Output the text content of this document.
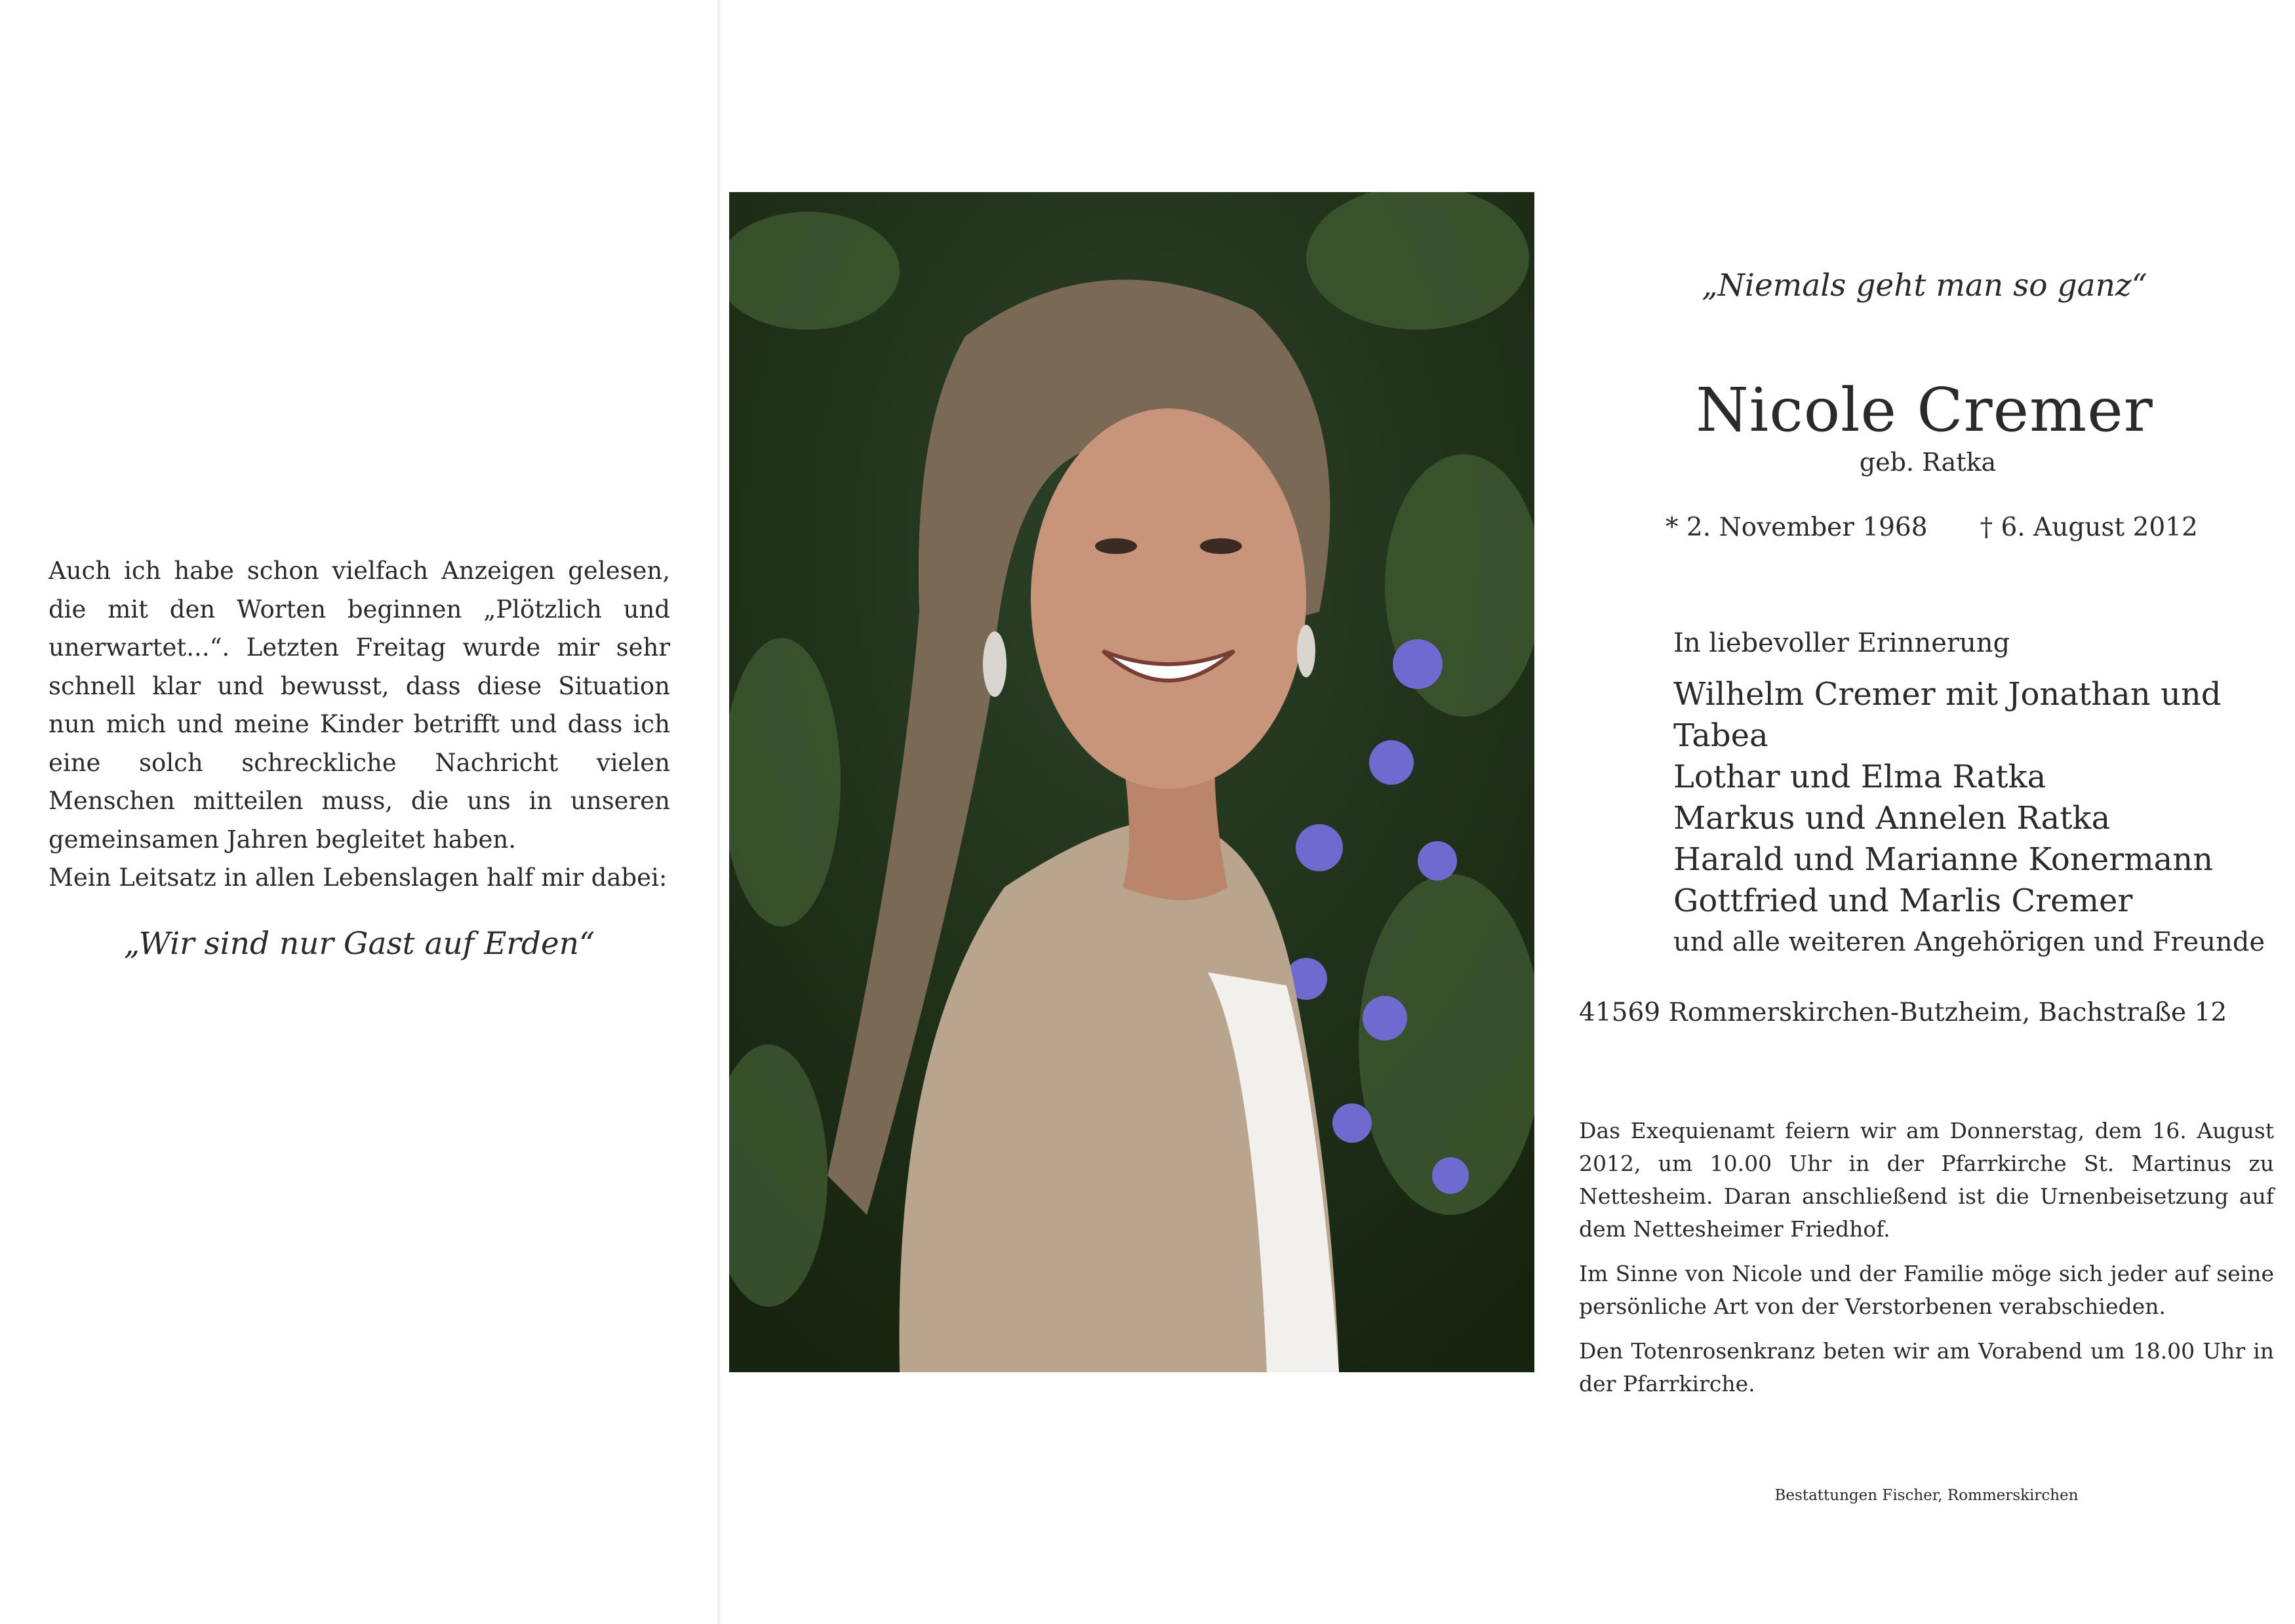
Auch ich habe schon vielfach Anzeigen gelesen, die mit den Worten beginnen „Plötzlich und unerwartet...“. Letzten Freitag wurde mir sehr schnell klar und bewusst, dass diese Situation nun mich und meine Kinder betrifft und dass ich eine solch schreckliche Nachricht vielen Menschen mitteilen muss, die uns in unseren gemeinsamen Jahren begleitet haben.

Mein Leitsatz in allen Lebenslagen half mir dabei:

„Wir sind nur Gast auf Erden“
„Niemals geht man so ganz“
Nicole Cremer
geb. Ratka
* 2. November 1968 † 6. August 2012
In liebevoller Erinnerung
Wilhelm Cremer mit Jonathan und Tabea
Lothar und Elma Ratka
Markus und Annelen Ratka
Harald und Marianne Konermann
Gottfried und Marlis Cremer
und alle weiteren Angehörigen und Freunde
41569 Rommerskirchen-Butzheim, Bachstraße 12

Das Exequienamt feiern wir am Donnerstag, dem 16. August 2012, um 10.00 Uhr in der Pfarrkirche St. Martinus zu Nettesheim. Daran anschließend ist die Urnenbeisetzung auf dem Nettesheimer Friedhof.

Im Sinne von Nicole und der Familie möge sich jeder auf seine persönliche Art von der Verstorbenen verabschieden.

Den Totenrosenkranz beten wir am Vorabend um 18.00 Uhr in der Pfarrkirche.

Bestattungen Fischer, Rommerskirchen
